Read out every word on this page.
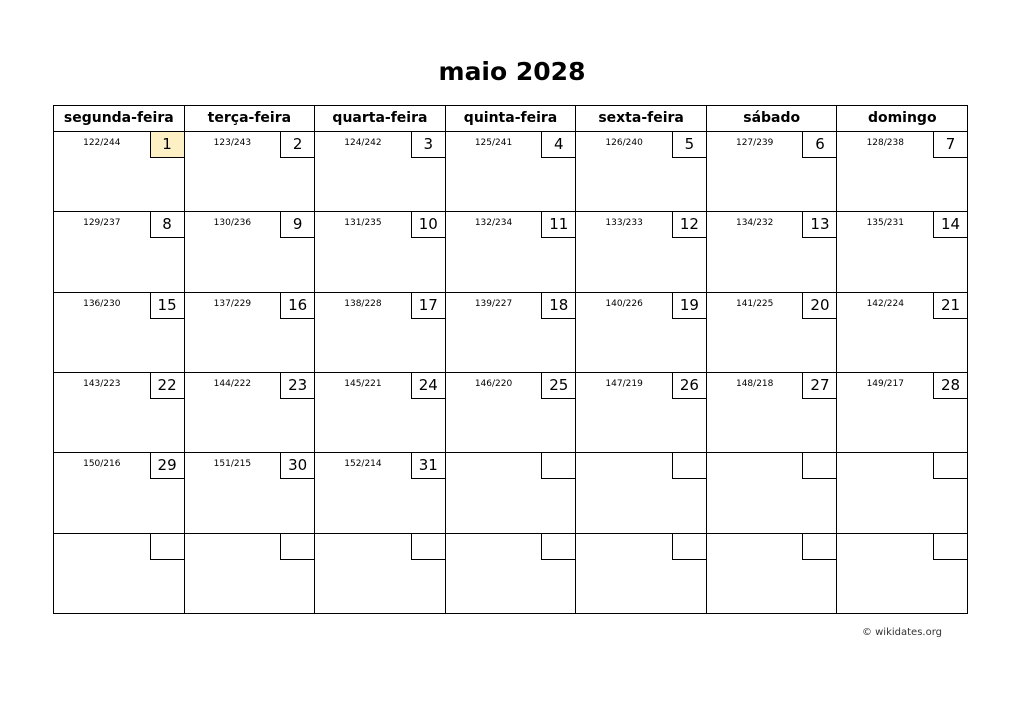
maio 2028
segunda-feira	terça-feira	quarta-feira	quinta-feira	sexta-feira	sábado	domingo
122/244	1	123/243	2	124/242	3	125/241	4	126/240	5	127/239	6	128/238	7
129/237	8	130/236	9	131/235	10	132/234	11	133/233	12	134/232	13	135/231	14
136/230	15	137/229	16	138/228	17	139/227	18	140/226	19	141/225	20	142/224	21
143/223	22	144/222	23	145/221	24	146/220	25	147/219	26	148/218	27	149/217	28
150/216	29	151/215	30	152/214	31
© wikidates.org
